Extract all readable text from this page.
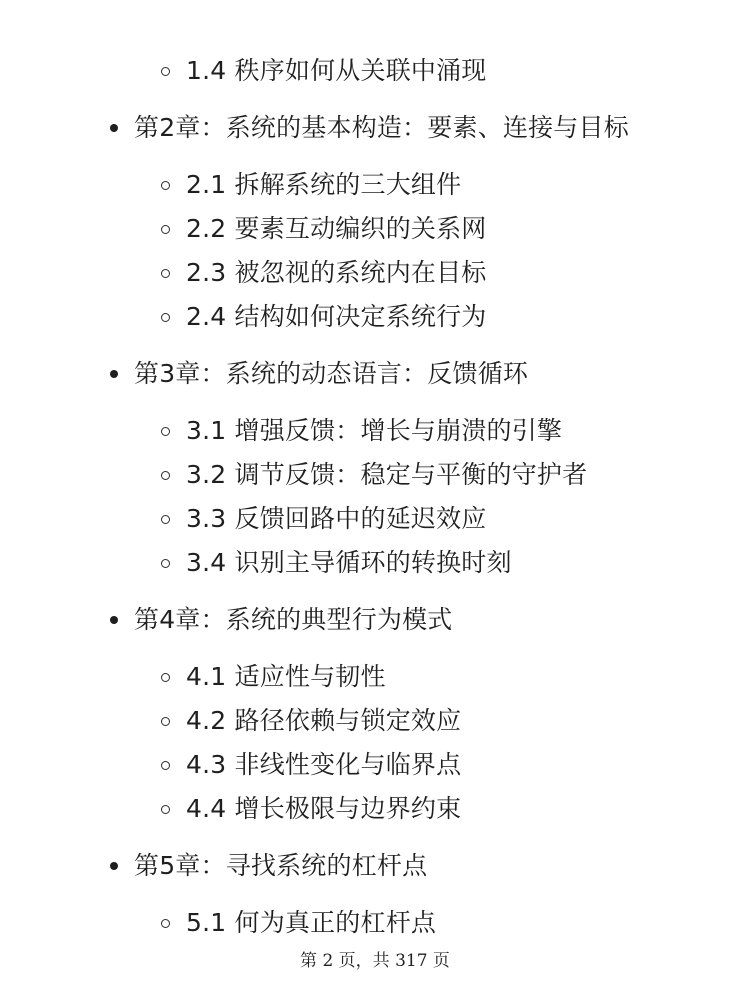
1.4 秩序如何从关联中涌现
第2章：系统的基本构造：要素、连接与目标
2.1 拆解系统的三大组件
2.2 要素互动编织的关系网
2.3 被忽视的系统内在目标
2.4 结构如何决定系统行为
第3章：系统的动态语言：反馈循环
3.1 增强反馈：增长与崩溃的引擎
3.2 调节反馈：稳定与平衡的守护者
3.3 反馈回路中的延迟效应
3.4 识别主导循环的转换时刻
第4章：系统的典型行为模式
4.1 适应性与韧性
4.2 路径依赖与锁定效应
4.3 非线性变化与临界点
4.4 增长极限与边界约束
第5章：寻找系统的杠杆点
5.1 何为真正的杠杆点
第 2 页，共 317 页
